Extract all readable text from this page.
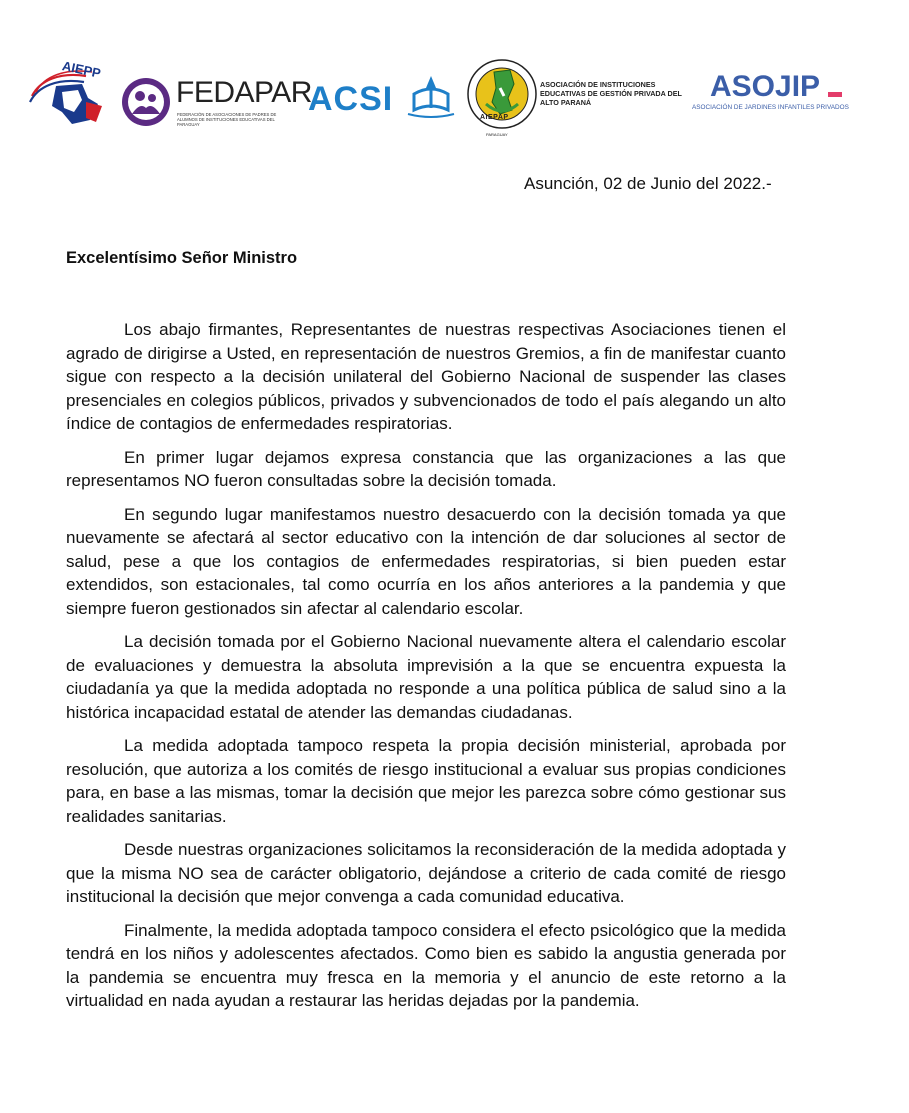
AIEPP
FEDAPAR
FEDERACIÓN DE ASOCIACIONES DE PADRES DE ALUMNOS DE INSTITUCIONES EDUCATIVAS DEL PARAGUAY
ACSI	AIEPAP
PARAGUAY
ASOCIACIÓN DE INSTITUCIONES EDUCATIVAS DE GESTIÓN PRIVADA DEL ALTO PARANÁ	ASOJIP
ASOCIACIÓN DE JARDINES INFANTILES PRIVADOS
Asunción, 02 de Junio del 2022.-
Excelentísimo Señor Ministro

Los abajo firmantes, Representantes de nuestras respectivas Asociaciones tienen el agrado de dirigirse a Usted, en representación de nuestros Gremios, a fin de manifestar cuanto sigue con respecto a la decisión unilateral del Gobierno Nacional de suspender las clases presenciales en colegios públicos, privados y subvencionados de todo el país alegando un alto índice de contagios de enfermedades respiratorias.

En primer lugar dejamos expresa constancia que las organizaciones a las que representamos NO fueron consultadas sobre la decisión tomada.

En segundo lugar manifestamos nuestro desacuerdo con la decisión tomada ya que nuevamente se afectará al sector educativo con la intención de dar soluciones al sector de salud, pese a que los contagios de enfermedades respiratorias, si bien pueden estar extendidos, son estacionales, tal como ocurría en los años anteriores a la pandemia y que siempre fueron gestionados sin afectar al calendario escolar.

La decisión tomada por el Gobierno Nacional nuevamente altera el calendario escolar de evaluaciones y demuestra la absoluta imprevisión a la que se encuentra expuesta la ciudadanía ya que la medida adoptada no responde a una política pública de salud sino a la histórica incapacidad estatal de atender las demandas ciudadanas.

La medida adoptada tampoco respeta la propia decisión ministerial, aprobada por resolución, que autoriza a los comités de riesgo institucional a evaluar sus propias condiciones para, en base a las mismas, tomar la decisión que mejor les parezca sobre cómo gestionar sus realidades sanitarias.

Desde nuestras organizaciones solicitamos la reconsideración de la medida adoptada y que la misma NO sea de carácter obligatorio, dejándose a criterio de cada comité de riesgo institucional la decisión que mejor convenga a cada comunidad educativa.

Finalmente, la medida adoptada tampoco considera el efecto psicológico que la medida tendrá en los niños y adolescentes afectados. Como bien es sabido la angustia generada por la pandemia se encuentra muy fresca en la memoria y el anuncio de este retorno a la virtualidad en nada ayudan a restaurar las heridas dejadas por la pandemia.
